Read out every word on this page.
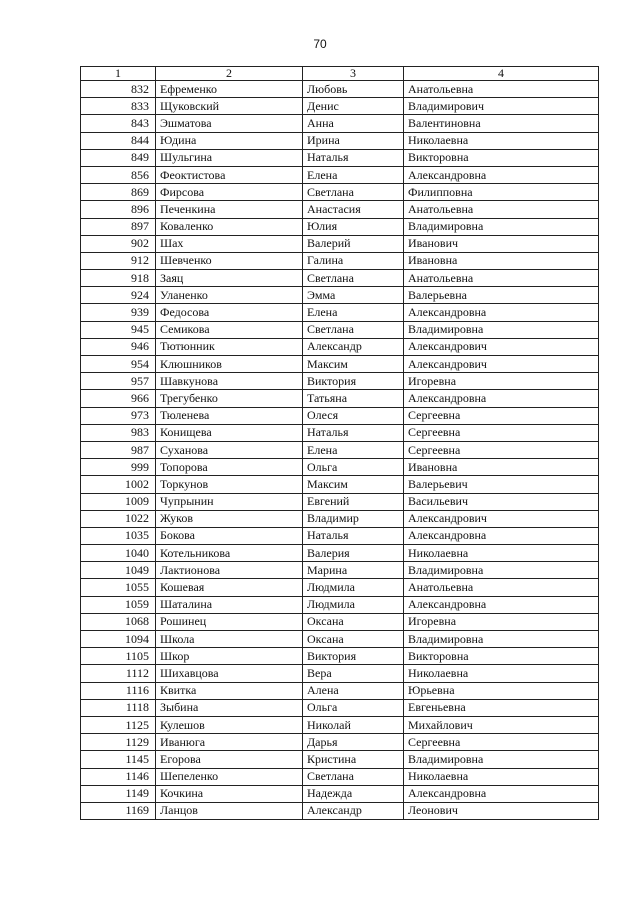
70
1	2	3	4
832	Ефременко	Любовь	Анатольевна
833	Щуковский	Денис	Владимирович
843	Эшматова	Анна	Валентиновна
844	Юдина	Ирина	Николаевна
849	Шульгина	Наталья	Викторовна
856	Феоктистова	Елена	Александровна
869	Фирсова	Светлана	Филипповна
896	Печенкина	Анастасия	Анатольевна
897	Коваленко	Юлия	Владимировна
902	Шах	Валерий	Иванович
912	Шевченко	Галина	Ивановна
918	Заяц	Светлана	Анатольевна
924	Уланенко	Эмма	Валерьевна
939	Федосова	Елена	Александровна
945	Семикова	Светлана	Владимировна
946	Тютюнник	Александр	Александрович
954	Клюшников	Максим	Александрович
957	Шавкунова	Виктория	Игоревна
966	Трегубенко	Татьяна	Александровна
973	Тюленева	Олеся	Сергеевна
983	Конищева	Наталья	Сергеевна
987	Суханова	Елена	Сергеевна
999	Топорова	Ольга	Ивановна
1002	Торкунов	Максим	Валерьевич
1009	Чупрынин	Евгений	Васильевич
1022	Жуков	Владимир	Александрович
1035	Бокова	Наталья	Александровна
1040	Котельникова	Валерия	Николаевна
1049	Лактионова	Марина	Владимировна
1055	Кошевая	Людмила	Анатольевна
1059	Шаталина	Людмила	Александровна
1068	Рошинец	Оксана	Игоревна
1094	Школа	Оксана	Владимировна
1105	Шкор	Виктория	Викторовна
1112	Шихавцова	Вера	Николаевна
1116	Квитка	Алена	Юрьевна
1118	Зыбина	Ольга	Евгеньевна
1125	Кулешов	Николай	Михайлович
1129	Иванюга	Дарья	Сергеевна
1145	Егорова	Кристина	Владимировна
1146	Шепеленко	Светлана	Николаевна
1149	Кочкина	Надежда	Александровна
1169	Ланцов	Александр	Леонович
